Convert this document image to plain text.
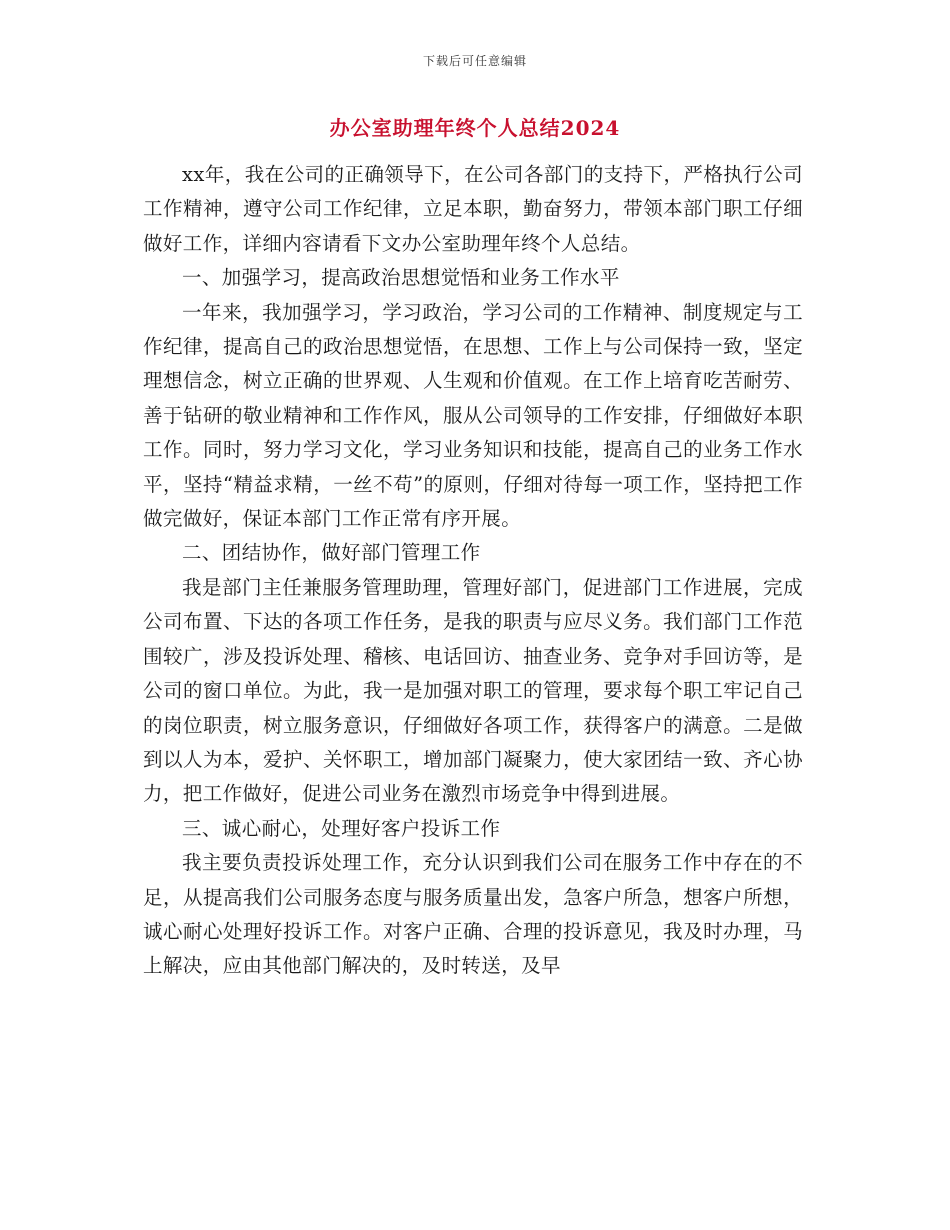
下载后可任意编辑
办公室助理年终个人总结2024

xx年，我在公司的正确领导下，在公司各部门的支持下，严格执行公司工作精神，遵守公司工作纪律，立足本职，勤奋努力，带领本部门职工仔细做好工作，详细内容请看下文办公室助理年终个人总结。

一、加强学习，提高政治思想觉悟和业务工作水平

一年来，我加强学习，学习政治，学习公司的工作精神、制度规定与工作纪律，提高自己的政治思想觉悟，在思想、工作上与公司保持一致，坚定理想信念，树立正确的世界观、人生观和价值观。在工作上培育吃苦耐劳、善于钻研的敬业精神和工作作风，服从公司领导的工作安排，仔细做好本职工作。同时，努力学习文化，学习业务知识和技能，提高自己的业务工作水平，坚持“精益求精，一丝不苟”的原则，仔细对待每一项工作，坚持把工作做完做好，保证本部门工作正常有序开展。

二、团结协作，做好部门管理工作

我是部门主任兼服务管理助理，管理好部门，促进部门工作进展，完成公司布置、下达的各项工作任务，是我的职责与应尽义务。我们部门工作范围较广，涉及投诉处理、稽核、电话回访、抽查业务、竞争对手回访等，是公司的窗口单位。为此，我一是加强对职工的管理，要求每个职工牢记自己的岗位职责，树立服务意识，仔细做好各项工作，获得客户的满意。二是做到以人为本，爱护、关怀职工，增加部门凝聚力，使大家团结一致、齐心协力，把工作做好，促进公司业务在激烈市场竞争中得到进展。

三、诚心耐心，处理好客户投诉工作

我主要负责投诉处理工作，充分认识到我们公司在服务工作中存在的不足，从提高我们公司服务态度与服务质量出发，急客户所急，想客户所想，诚心耐心处理好投诉工作。对客户正确、合理的投诉意见，我及时办理，马上解决，应由其他部门解决的，及时转送，及早
